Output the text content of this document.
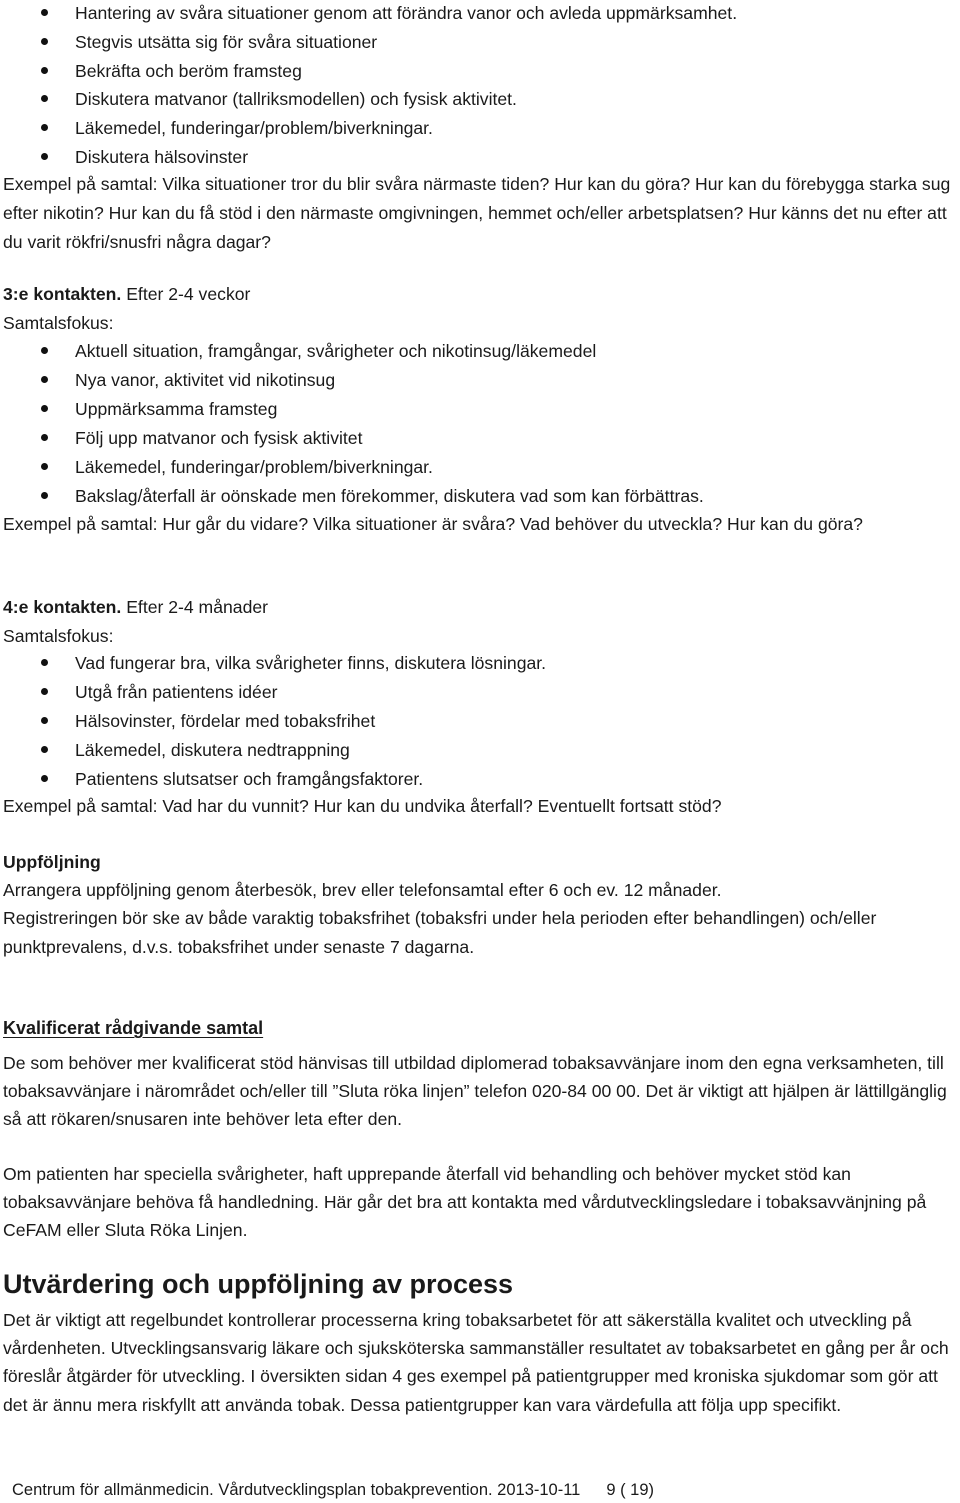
Hantering av svåra situationer genom att förändra vanor och avleda uppmärksamhet.
Stegvis utsätta sig för svåra situationer
Bekräfta och beröm framsteg
Diskutera matvanor (tallriksmodellen) och fysisk aktivitet.
Läkemedel, funderingar/problem/biverkningar.
Diskutera hälsovinster

Exempel på samtal: Vilka situationer tror du blir svåra närmaste tiden? Hur kan du göra? Hur kan du förebygga starka sug efter nikotin? Hur kan du få stöd i den närmaste omgivningen, hemmet och/eller arbetsplatsen? Hur känns det nu efter att du varit rökfri/snusfri några dagar?

3:e kontakten. Efter 2-4 veckor

Samtalsfokus:

Aktuell situation, framgångar, svårigheter och nikotinsug/läkemedel
Nya vanor, aktivitet vid nikotinsug
Uppmärksamma framsteg
Följ upp matvanor och fysisk aktivitet
Läkemedel, funderingar/problem/biverkningar.
Bakslag/återfall är oönskade men förekommer, diskutera vad som kan förbättras.

Exempel på samtal: Hur går du vidare? Vilka situationer är svåra? Vad behöver du utveckla? Hur kan du göra?

4:e kontakten. Efter 2-4 månader

Samtalsfokus:

Vad fungerar bra, vilka svårigheter finns, diskutera lösningar.
Utgå från patientens idéer
Hälsovinster, fördelar med tobaksfrihet
Läkemedel, diskutera nedtrappning
Patientens slutsatser och framgångsfaktorer.

Exempel på samtal: Vad har du vunnit? Hur kan du undvika återfall? Eventuellt fortsatt stöd?

Uppföljning

Arrangera uppföljning genom återbesök, brev eller telefonsamtal efter 6 och ev. 12 månader.

Registreringen bör ske av både varaktig tobaksfrihet (tobaksfri under hela perioden efter behandlingen) och/eller punktprevalens, d.v.s. tobaksfrihet under senaste 7 dagarna.

Kvalificerat rådgivande samtal

De som behöver mer kvalificerat stöd hänvisas till utbildad diplomerad tobaksavvänjare inom den egna verksamheten, till tobaksavvänjare i närområdet och/eller till ”Sluta röka linjen” telefon 020-84 00 00. Det är viktigt att hjälpen är lättillgänglig så att rökaren/snusaren inte behöver leta efter den.

Om patienten har speciella svårigheter, haft upprepande återfall vid behandling och behöver mycket stöd kan tobaksavvänjare behöva få handledning. Här går det bra att kontakta med vårdutvecklingsledare i tobaksavvänjning på CeFAM eller Sluta Röka Linjen.

Utvärdering och uppföljning av process

Det är viktigt att regelbundet kontrollerar processerna kring tobaksarbetet för att säkerställa kvalitet och utveckling på vårdenheten. Utvecklingsansvarig läkare och sjuksköterska sammanställer resultatet av tobaksarbetet en gång per år och föreslår åtgärder för utveckling. I översikten sidan 4 ges exempel på patientgrupper med kroniska sjukdomar som gör att det är ännu mera riskfyllt att använda tobak. Dessa patientgrupper kan vara värdefulla att följa upp specifikt.

Centrum för allmänmedicin. Vårdutvecklingsplan tobakprevention. 2013-10-11 9 ( 19)
